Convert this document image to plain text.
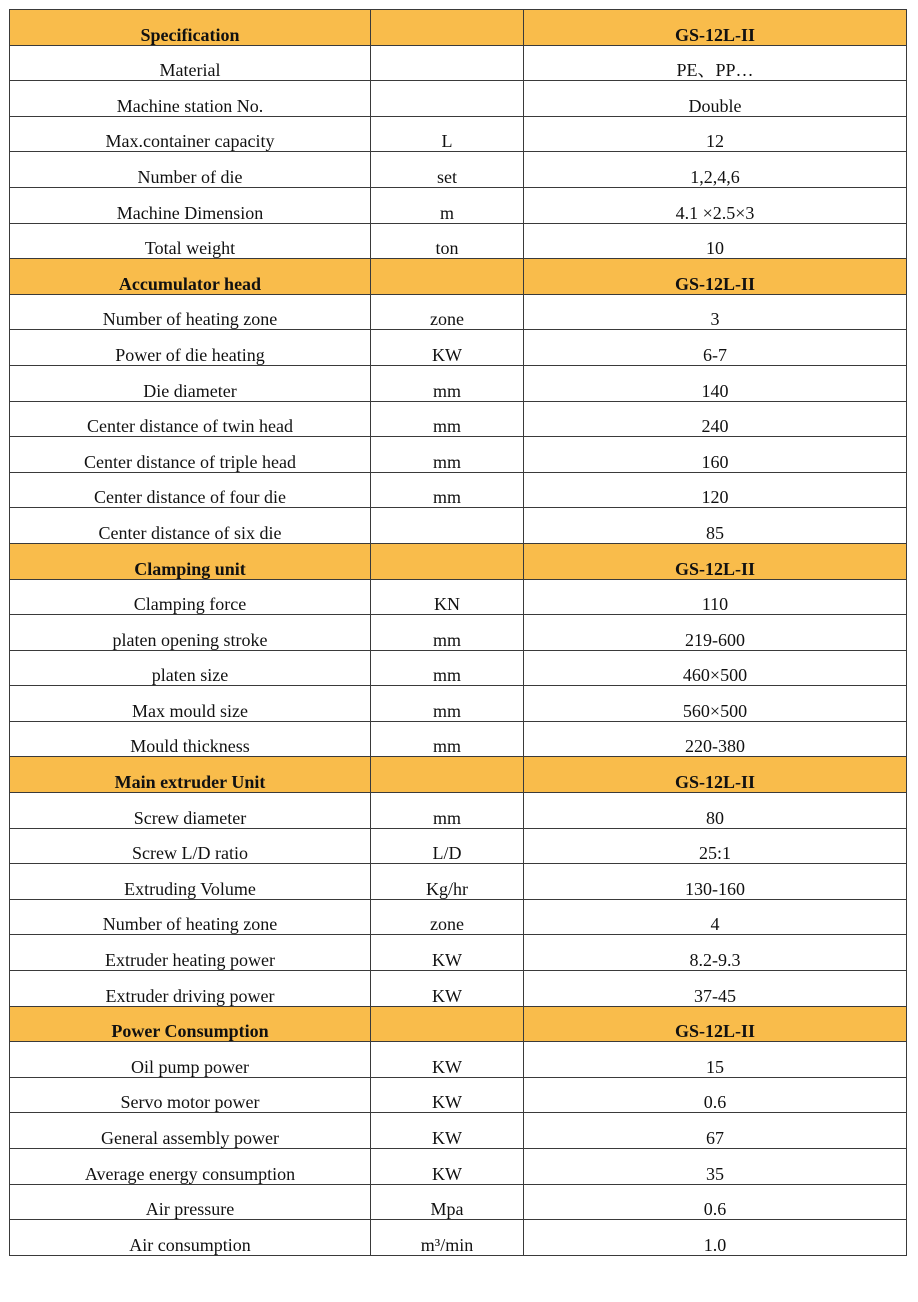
Specification		GS-12L-II
Material		PE、PP…
Machine station No.		Double
Max.container capacity	L	12
Number of die	set	1,2,4,6
Machine Dimension	m	4.1 ×2.5×3
Total weight	ton	10
Accumulator head		GS-12L-II
Number of heating zone	zone	3
Power of die heating	KW	6-7
Die diameter	mm	140
Center distance of twin head	mm	240
Center distance of triple head	mm	160
Center distance of four die	mm	120
Center distance of six die		85
Clamping unit		GS-12L-II
Clamping force	KN	110
platen opening stroke	mm	219-600
platen size	mm	460×500
Max mould size	mm	560×500
Mould thickness	mm	220-380
Main extruder Unit		GS-12L-II
Screw diameter	mm	80
Screw L/D ratio	L/D	25:1
Extruding Volume	Kg/hr	130-160
Number of heating zone	zone	4
Extruder heating power	KW	8.2-9.3
Extruder driving power	KW	37-45
Power Consumption		GS-12L-II
Oil pump power	KW	15
Servo motor power	KW	0.6
General assembly power	KW	67
Average energy consumption	KW	35
Air pressure	Mpa	0.6
Air consumption	m³/min	1.0
